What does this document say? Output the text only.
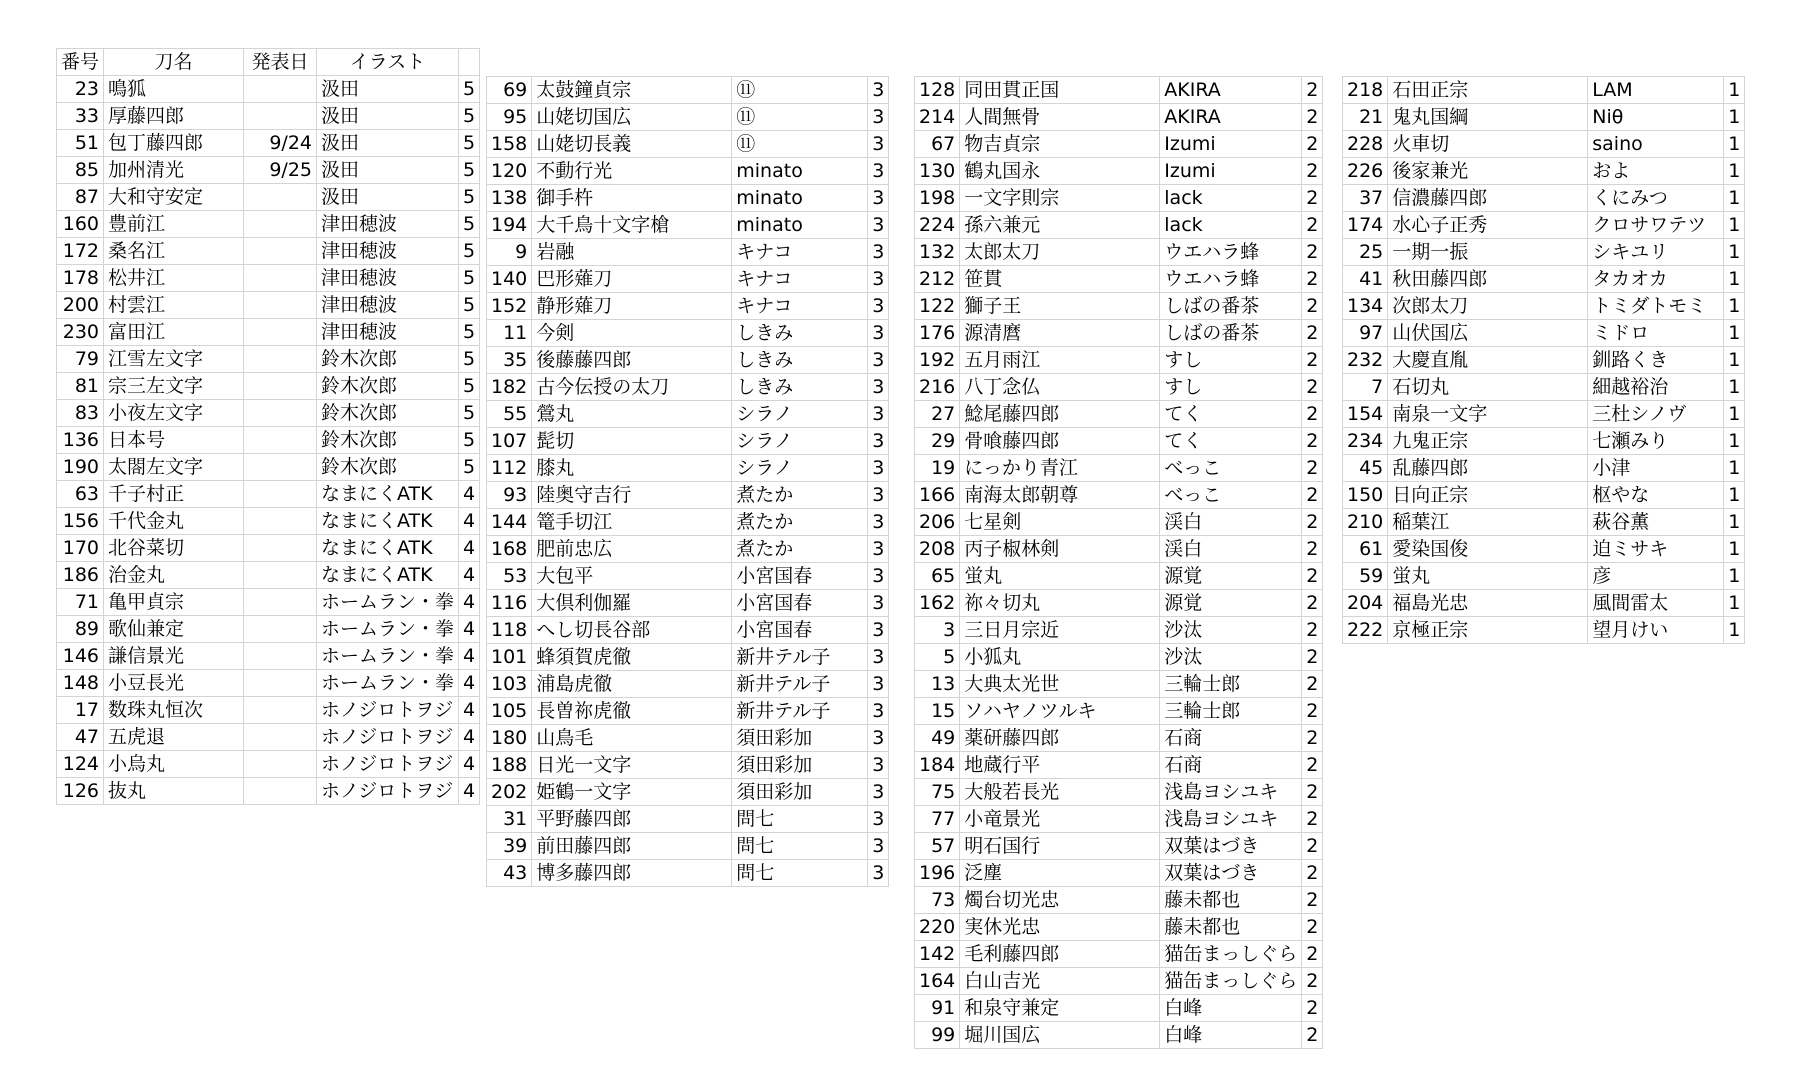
番号	刀名	発表日	イラスト	
23	鳴狐		汲田	5
33	厚藤四郎		汲田	5
51	包丁藤四郎	9/24	汲田	5
85	加州清光	9/25	汲田	5
87	大和守安定		汲田	5
160	豊前江		津田穂波	5
172	桑名江		津田穂波	5
178	松井江		津田穂波	5
200	村雲江		津田穂波	5
230	富田江		津田穂波	5
79	江雪左文字		鈴木次郎	5
81	宗三左文字		鈴木次郎	5
83	小夜左文字		鈴木次郎	5
136	日本号		鈴木次郎	5
190	太閤左文字		鈴木次郎	5
63	千子村正		なまにくATK	4
156	千代金丸		なまにくATK	4
170	北谷菜切		なまにくATK	4
186	治金丸		なまにくATK	4
71	亀甲貞宗		ホームラン・拳	4
89	歌仙兼定		ホームラン・拳	4
146	謙信景光		ホームラン・拳	4
148	小豆長光		ホームラン・拳	4
17	数珠丸恒次		ホノジロトヲジ	4
47	五虎退		ホノジロトヲジ	4
124	小烏丸		ホノジロトヲジ	4
126	抜丸		ホノジロトヲジ	4
69	太鼓鐘貞宗	⑪	3
95	山姥切国広	⑪	3
158	山姥切長義	⑪	3
120	不動行光	minato	3
138	御手杵	minato	3
194	大千鳥十文字槍	minato	3
9	岩融	キナコ	3
140	巴形薙刀	キナコ	3
152	静形薙刀	キナコ	3
11	今剣	しきみ	3
35	後藤藤四郎	しきみ	3
182	古今伝授の太刀	しきみ	3
55	鶯丸	シラノ	3
107	髭切	シラノ	3
112	膝丸	シラノ	3
93	陸奥守吉行	煮たか	3
144	篭手切江	煮たか	3
168	肥前忠広	煮たか	3
53	大包平	小宮国春	3
116	大倶利伽羅	小宮国春	3
118	へし切長谷部	小宮国春	3
101	蜂須賀虎徹	新井テル子	3
103	浦島虎徹	新井テル子	3
105	長曽祢虎徹	新井テル子	3
180	山鳥毛	須田彩加	3
188	日光一文字	須田彩加	3
202	姫鶴一文字	須田彩加	3
31	平野藤四郎	問七	3
39	前田藤四郎	問七	3
43	博多藤四郎	問七	3
128	同田貫正国	AKIRA	2
214	人間無骨	AKIRA	2
67	物吉貞宗	Izumi	2
130	鶴丸国永	Izumi	2
198	一文字則宗	lack	2
224	孫六兼元	lack	2
132	太郎太刀	ウエハラ蜂	2
212	笹貫	ウエハラ蜂	2
122	獅子王	しばの番茶	2
176	源清麿	しばの番茶	2
192	五月雨江	すし	2
216	八丁念仏	すし	2
27	鯰尾藤四郎	てく	2
29	骨喰藤四郎	てく	2
19	にっかり青江	べっこ	2
166	南海太郎朝尊	べっこ	2
206	七星剣	渓白	2
208	丙子椒林剣	渓白	2
65	蛍丸	源覚	2
162	祢々切丸	源覚	2
3	三日月宗近	沙汰	2
5	小狐丸	沙汰	2
13	大典太光世	三輪士郎	2
15	ソハヤノツルキ	三輪士郎	2
49	薬研藤四郎	石商	2
184	地蔵行平	石商	2
75	大般若長光	浅島ヨシユキ	2
77	小竜景光	浅島ヨシユキ	2
57	明石国行	双葉はづき	2
196	泛塵	双葉はづき	2
73	燭台切光忠	藤未都也	2
220	実休光忠	藤未都也	2
142	毛利藤四郎	猫缶まっしぐら	2
164	白山吉光	猫缶まっしぐら	2
91	和泉守兼定	白峰	2
99	堀川国広	白峰	2
218	石田正宗	LAM	1
21	鬼丸国綱	Niθ	1
228	火車切	saino	1
226	後家兼光	およ	1
37	信濃藤四郎	くにみつ	1
174	水心子正秀	クロサワテツ	1
25	一期一振	シキユリ	1
41	秋田藤四郎	タカオカ	1
134	次郎太刀	トミダトモミ	1
97	山伏国広	ミドロ	1
232	大慶直胤	釧路くき	1
7	石切丸	細越裕治	1
154	南泉一文字	三杜シノヴ	1
234	九鬼正宗	七瀬みり	1
45	乱藤四郎	小津	1
150	日向正宗	枢やな	1
210	稲葉江	萩谷薫	1
61	愛染国俊	迫ミサキ	1
59	蛍丸	彦	1
204	福島光忠	風間雷太	1
222	京極正宗	望月けい	1
